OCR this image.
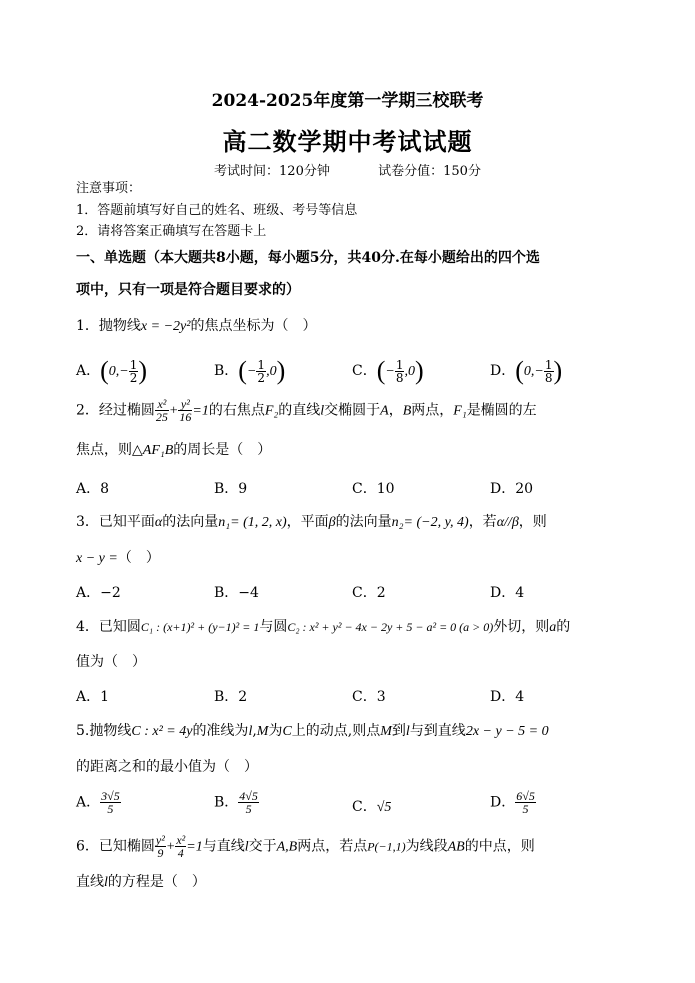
2024-2025年度第一学期三校联考
高二数学期中考试试题
考试时间：120分钟	试卷分值：150分
注意事项：
1．答题前填写好自己的姓名、班级、考号等信息
2．请将答案正确填写在答题卡上
一、单选题（本大题共8小题，每小题5分，共40分.在每小题给出的四个选
项中，只有一项是符合题目要求的）
1．抛物线x = −2y²的焦点坐标为（　）
A．($0,- \frac{1}{2}$ )	B．(− $\frac{1}{2} ,0$)	C．(− $\frac{1}{8} ,0$)	D．($0,- \frac{1}{8}$ )
2．经过椭圆 $\frac{\text{x²}}{25} + \frac{\text{y²}}{16} =1$的右焦点F₂的直线l交椭圆于A，B两点，F₁是椭圆的左
焦点，则△AF₁B的周长是（　）
A．8	B．9	C．10	D．20
3．已知平面α的法向量n₁= (1, 2, x)，平面β的法向量n₂= (−2, y, 4)，若α//β，则
x − y =（　）
A．−2	B．−4	C．2	D．4
4．已知圆C₁ : (x+1)² + (y−1)² = 1与圆C₂ : x² + y² − 4x − 2y + 5 − a² = 0 (a > 0)外切，则a的
值为（　）
A．1	B．2	C．3	D．4
5.抛物线C : x² = 4y的准线为l,M为C上的动点,则点M到l与到直线2x − y − 5 = 0
的距离之和的最小值为（　）
A． $\frac{3√5}{5}$	B． $\frac{4√5}{5}$	C．√5	D． $\frac{6√5}{5}$
6．已知椭圆 $\frac{\text{y²}}{9} + \frac{\text{x²}}{4} =1$与直线l交于A,B两点，若点P(−1,1)为线段AB的中点，则
直线l的方程是（　）
